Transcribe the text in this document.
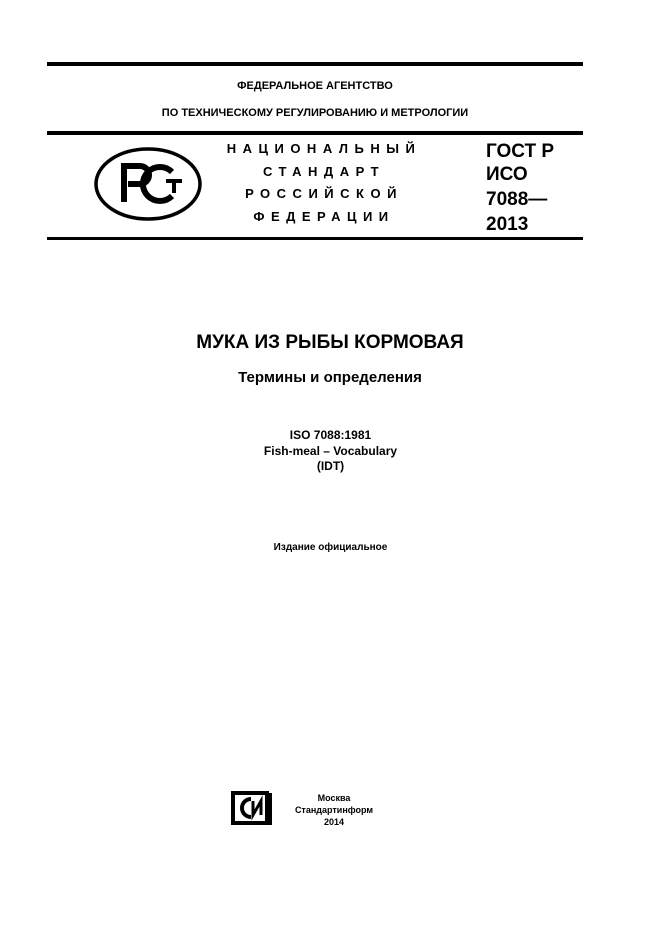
ФЕДЕРАЛЬНОЕ АГЕНТСТВО
ПО ТЕХНИЧЕСКОМУ РЕГУЛИРОВАНИЮ И МЕТРОЛОГИИ
НАЦИОНАЛЬНЫЙ
СТАНДАРТ
РОССИЙСКОЙ
ФЕДЕРАЦИИ
ГОСТ Р
ИСО
7088—
2013
МУКА ИЗ РЫБЫ КОРМОВАЯ
Термины и определения
ISO 7088:1981
Fish-meal – Vocabulary
(IDT)
Издание официальное
Москва
Стандартинформ
2014
